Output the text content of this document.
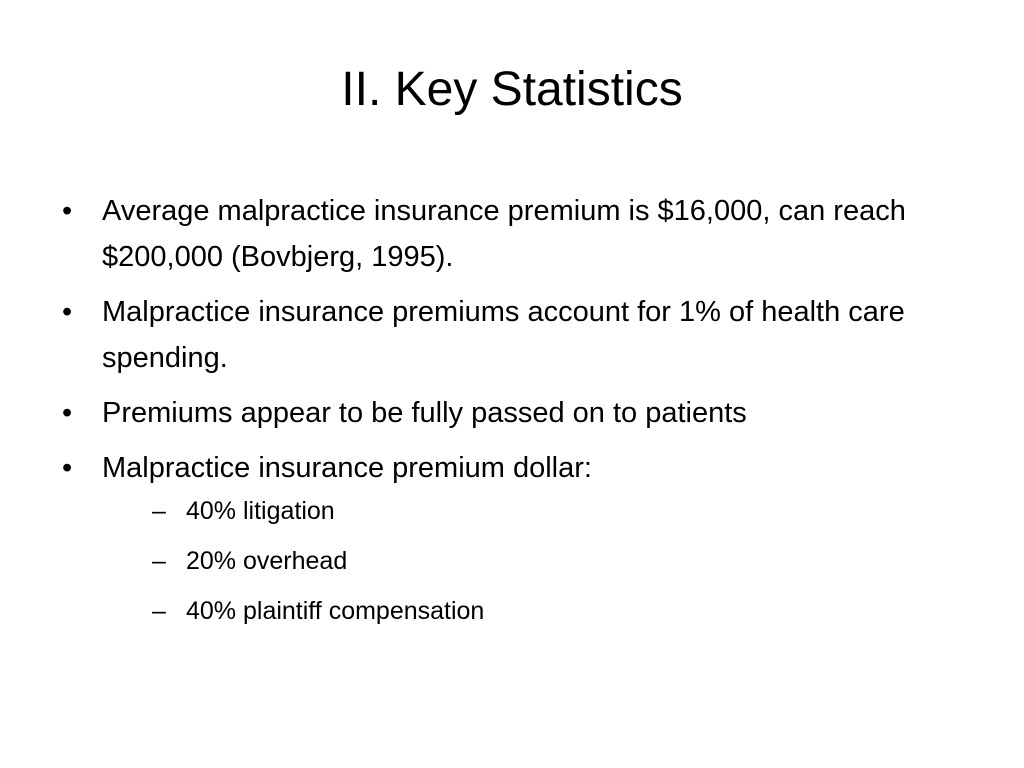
II. Key Statistics
•	Average malpractice insurance premium is $16,000, can reach $200,000 (Bovbjerg, 1995).
•	Malpractice insurance premiums account for 1% of health care spending.
•	Premiums appear to be fully passed on to patients
•	Malpractice insurance premium dollar:
– 40% litigation
– 20% overhead
– 40% plaintiff compensation
